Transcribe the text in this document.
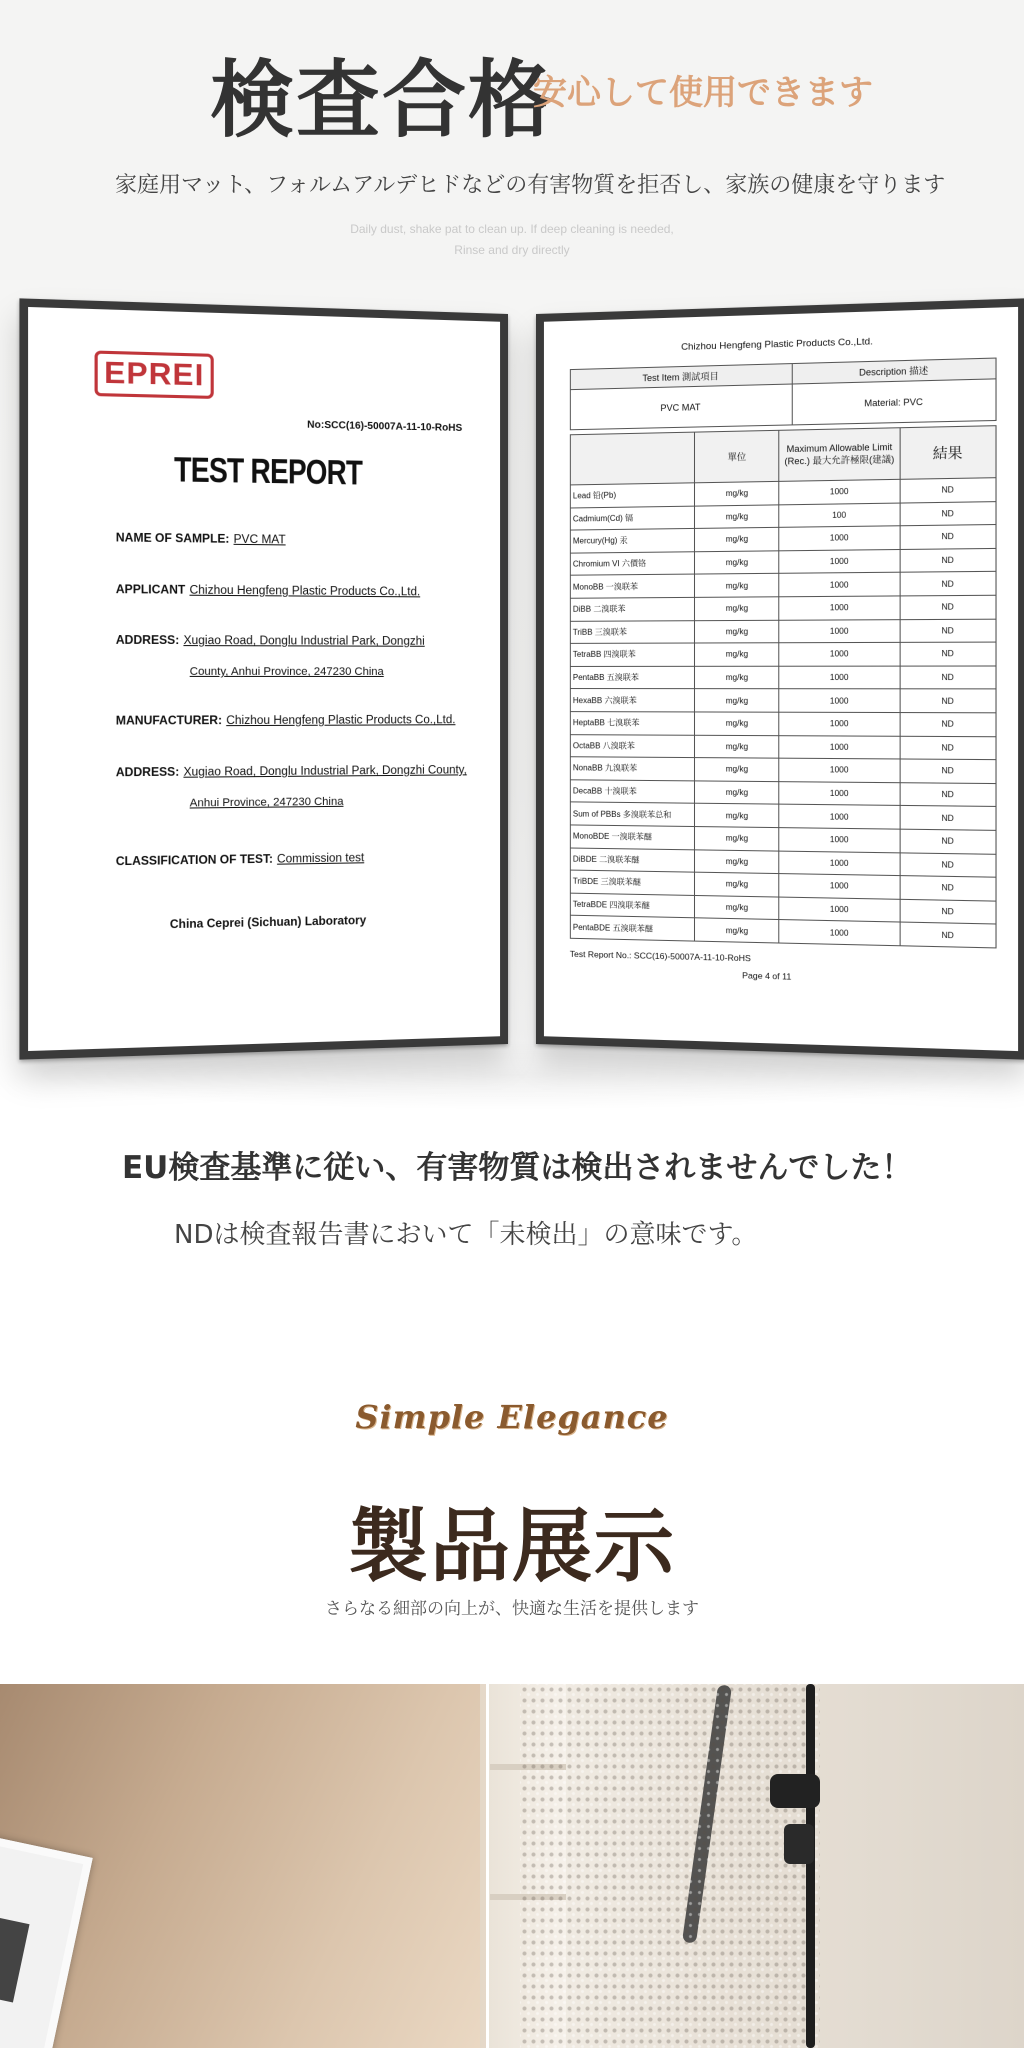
検査合格
安心して使用できます
家庭用マット、フォルムアルデヒドなどの有害物質を拒否し、家族の健康を守ります
Daily dust, shake pat to clean up. If deep cleaning is needed,
Rinse and dry directly
EPREI
No:SCC(16)-50007A-11-10-RoHS
TEST REPORT
NAME OF SAMPLE: PVC MAT
APPLICANT Chizhou Hengfeng Plastic Products Co.,Ltd.
ADDRESS: Xugiao Road, Donglu Industrial Park, Dongzhi
County, Anhui Province, 247230 China
MANUFACTURER: Chizhou Hengfeng Plastic Products Co.,Ltd.
ADDRESS: Xugiao Road, Donglu Industrial Park, Dongzhi County,
Anhui Province, 247230 China
CLASSIFICATION OF TEST: Commission test
China Ceprei (Sichuan) Laboratory
Chizhou Hengfeng Plastic Products Co.,Ltd.
Test Item 測試項目	Description 描述
PVC MAT	Material: PVC
	單位	Maximum Allowable Limit (Rec.) 最大允許極限(建議)	結果
Lead 铅(Pb)	mg/kg	1000	ND
Cadmium(Cd) 镉	mg/kg	100	ND
Mercury(Hg) 汞	mg/kg	1000	ND
Chromium VI 六價铬	mg/kg	1000	ND
MonoBB 一溴联苯	mg/kg	1000	ND
DiBB 二溴联苯	mg/kg	1000	ND
TriBB 三溴联苯	mg/kg	1000	ND
TetraBB 四溴联苯	mg/kg	1000	ND
PentaBB 五溴联苯	mg/kg	1000	ND
HexaBB 六溴联苯	mg/kg	1000	ND
HeptaBB 七溴联苯	mg/kg	1000	ND
OctaBB 八溴联苯	mg/kg	1000	ND
NonaBB 九溴联苯	mg/kg	1000	ND
DecaBB 十溴联苯	mg/kg	1000	ND
Sum of PBBs 多溴联苯总和	mg/kg	1000	ND
MonoBDE 一溴联苯醚	mg/kg	1000	ND
DiBDE 二溴联苯醚	mg/kg	1000	ND
TriBDE 三溴联苯醚	mg/kg	1000	ND
TetraBDE 四溴联苯醚	mg/kg	1000	ND
PentaBDE 五溴联苯醚	mg/kg	1000	ND
Test Report No.: SCC(16)-50007A-11-10-RoHS
Page 4 of 11
EU検査基準に従い、有害物質は検出されませんでした！
NDは検査報告書において「未検出」の意味です。
Simple Elegance
製品展示
さらなる細部の向上が、快適な生活を提供します
